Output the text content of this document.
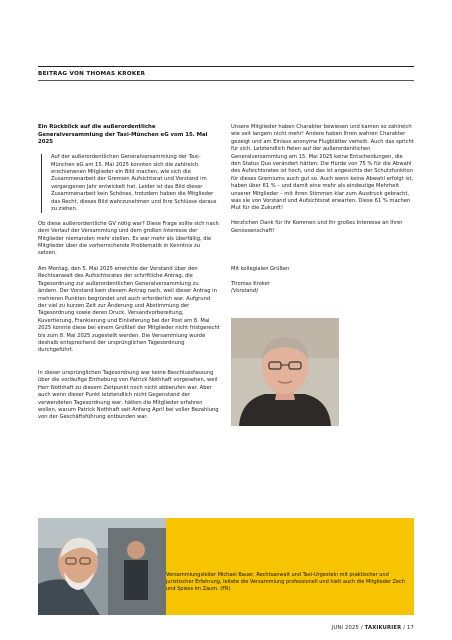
BEITRAG VON THOMAS KROKER

Ein Rückblick auf die außerordentliche Generalversammlung der Taxi-München eG vom 15. Mai 2025

Auf der außerordentlichen Generalversammlung der Taxi-München eG am 15. Mai 2025 konnten sich die zahlreich erschienenen Mitglieder ein Bild machen, wie sich die Zusammenarbeit der Gremien Aufsichtsrat und Vorstand im vergangenen Jahr entwickelt hat. Leider ist das Bild dieser Zusammenarbeit kein Schönes, trotzdem haben die Mitglieder das Recht, dieses Bild wahrzunehmen und ihre Schlüsse daraus zu ziehen.

Ob diese außerordentliche GV nötig war? Diese Frage sollte sich nach dem Verlauf der Versammlung und dem großen Interesse der Mitglieder niemanden mehr stellen. Es war mehr als überfällig, die Mitglieder über die vorherrschende Problematik in Kenntnis zu setzen.

Am Montag, den 5. Mai 2025 erreichte der Vorstand über den Rechtsanwalt des Aufsichtsrates der schriftliche Antrag, die Tagesordnung zur außerordentlichen Generalversammlung zu ändern. Der Vorstand kam diesem Antrag nach, weil dieser Antrag in mehreren Punkten begründet und auch erforderlich war. Aufgrund der viel zu kurzen Zeit zur Änderung und Abstimmung der Tagesordnung sowie deren Druck, Versandvorbereitung, Kuvertierung, Frankierung und Einlieferung bei der Post am 8. Mai 2025 konnte diese bei einem Großteil der Mitglieder nicht fristgerecht bis zum 8. Mai 2025 zugestellt werden. Die Versammlung wurde deshalb entsprechend der ursprünglichen Tagesordnung durchgeführt.

In dieser ursprünglichen Tagesordnung war keine Beschlussfassung über die vorläufige Enthebung von Patrick Nothhaft vorgesehen, weil Herr Nothhaft zu diesem Zeitpunkt noch nicht abberufen war. Aber auch wenn dieser Punkt letztendlich nicht Gegenstand der verwendeten Tagesordnung war, hätten die Mitglieder erfahren wollen, warum Patrick Nothhaft seit Anfang April bei voller Bezahlung von der Geschäftsführung entbunden war.

Unsere Mitglieder haben Charakter bewiesen und kamen so zahlreich wie seit langem nicht mehr! Andere haben Ihren wahren Charakter gezeigt und am Einlass anonyme Flugblätter verteilt. Auch das spricht für sich. Letztendlich fielen auf der außerordentlichen Generalversammlung am 15. Mai 2025 keine Entscheidungen, die den Status Quo verändert hätten: Die Hürde von 75 % für die Abwahl des Aufsichtsrates ist hoch, und das ist angesichts der Schutzfunktion für dieses Gremiums auch gut so. Auch wenn keine Abwahl erfolgt ist, haben über 61 % – und damit eine mehr als eindeutige Mehrheit unserer Mitglieder – mit ihren Stimmen klar zum Ausdruck gebracht, was sie von Vorstand und Aufsichtsrat erwarten. Diese 61 % machen Mut für die Zukunft!

Herzlichen Dank für Ihr Kommen und Ihr großes Interesse an Ihrer Genossenschaft!

Mit kollegialen Grüßen

Thomas Kroker
(Vorstand)
Versammlungsleiter Michael Bauer, Rechtsanwalt und Taxi-Urgestein mit praktischer und juristischer Erfahrung, leitete die Versammlung professionell und hielt auch die Mitglieder Zech und Spiess im Zaum. (FR)
JUNI 2025 / TAXIKURIER / 17
